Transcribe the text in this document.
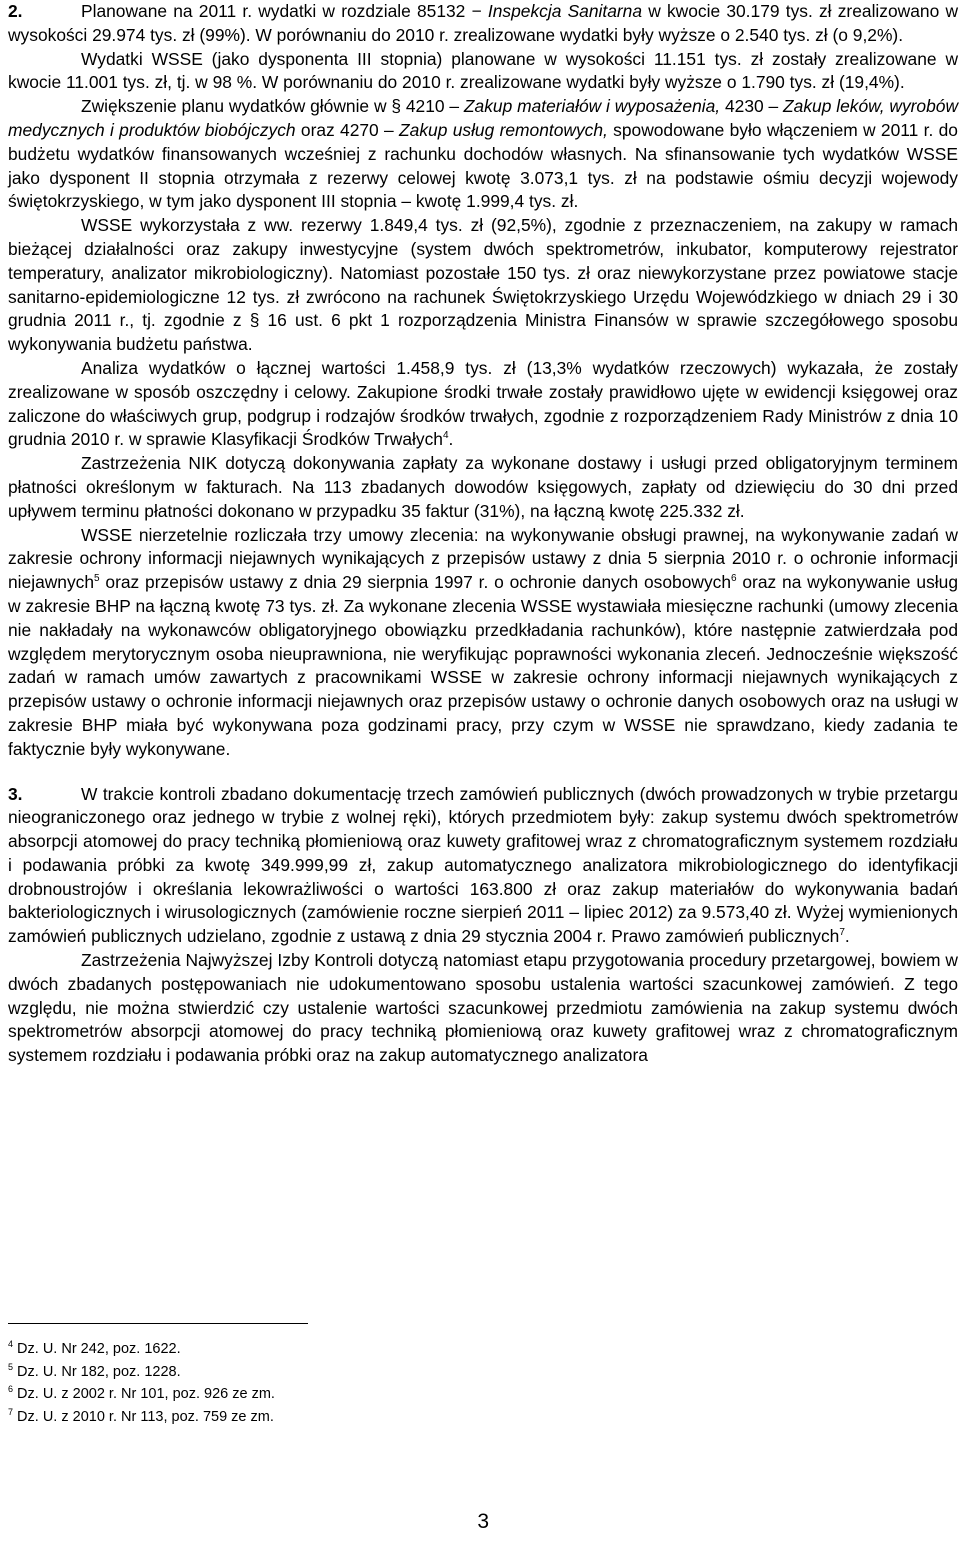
2.	Planowane na 2011 r. wydatki w rozdziale 85132 − Inspekcja Sanitarna w kwocie 30.179 tys. zł zrealizowano w wysokości 29.974 tys. zł (99%). W porównaniu do 2010 r. zrealizowane wydatki były wyższe o 2.540 tys. zł (o 9,2%).

Wydatki WSSE (jako dysponenta III stopnia) planowane w wysokości 11.151 tys. zł zostały zrealizowane w kwocie 11.001 tys. zł, tj. w 98 %. W porównaniu do 2010 r. zrealizowane wydatki były wyższe o 1.790 tys. zł (19,4%).

Zwiększenie planu wydatków głównie w § 4210 – Zakup materiałów i wyposażenia, 4230 – Zakup leków, wyrobów medycznych i produktów biobójczych oraz 4270 – Zakup usług remontowych, spowodowane było włączeniem w 2011 r. do budżetu wydatków finansowanych wcześniej z rachunku dochodów własnych. Na sfinansowanie tych wydatków WSSE jako dysponent II stopnia otrzymała z rezerwy celowej kwotę 3.073,1 tys. zł na podstawie ośmiu decyzji wojewody świętokrzyskiego, w tym jako dysponent III stopnia – kwotę 1.999,4 tys. zł.

WSSE wykorzystała z ww. rezerwy 1.849,4 tys. zł (92,5%), zgodnie z przeznaczeniem, na zakupy w ramach bieżącej działalności oraz zakupy inwestycyjne (system dwóch spektrometrów, inkubator, komputerowy rejestrator temperatury, analizator mikrobiologiczny). Natomiast pozostałe 150 tys. zł oraz niewykorzystane przez powiatowe stacje sanitarno-epidemiologiczne 12 tys. zł zwrócono na rachunek Świętokrzyskiego Urzędu Wojewódzkiego w dniach 29 i 30 grudnia 2011 r., tj. zgodnie z § 16 ust. 6 pkt 1 rozporządzenia Ministra Finansów w sprawie szczegółowego sposobu wykonywania budżetu państwa.

Analiza wydatków o łącznej wartości 1.458,9 tys. zł (13,3% wydatków rzeczowych) wykazała, że zostały zrealizowane w sposób oszczędny i celowy. Zakupione środki trwałe zostały prawidłowo ujęte w ewidencji księgowej oraz zaliczone do właściwych grup, podgrup i rodzajów środków trwałych, zgodnie z rozporządzeniem Rady Ministrów z dnia 10 grudnia 2010 r. w sprawie Klasyfikacji Środków Trwałych$^4$.

Zastrzeżenia NIK dotyczą dokonywania zapłaty za wykonane dostawy i usługi przed obligatoryjnym terminem płatności określonym w fakturach. Na 113 zbadanych dowodów księgowych, zapłaty od dziewięciu do 30 dni przed upływem terminu płatności dokonano w przypadku 35 faktur (31%), na łączną kwotę 225.332 zł.

WSSE nierzetelnie rozliczała trzy umowy zlecenia: na wykonywanie obsługi prawnej, na wykonywanie zadań w zakresie ochrony informacji niejawnych wynikających z przepisów ustawy z dnia 5 sierpnia 2010 r. o ochronie informacji niejawnych$^5$ oraz przepisów ustawy z dnia 29 sierpnia 1997 r. o ochronie danych osobowych$^6$ oraz na wykonywanie usług w zakresie BHP na łączną kwotę 73 tys. zł. Za wykonane zlecenia WSSE wystawiała miesięczne rachunki (umowy zlecenia nie nakładały na wykonawców obligatoryjnego obowiązku przedkładania rachunków), które następnie zatwierdzała pod względem merytorycznym osoba nieuprawniona, nie weryfikując poprawności wykonania zleceń. Jednocześnie większość zadań w ramach umów zawartych z pracownikami WSSE w zakresie ochrony informacji niejawnych wynikających z przepisów ustawy o ochronie informacji niejawnych oraz przepisów ustawy o ochronie danych osobowych oraz na usługi w zakresie BHP miała być wykonywana poza godzinami pracy, przy czym w WSSE nie sprawdzano, kiedy zadania te faktycznie były wykonywane.

3.	W trakcie kontroli zbadano dokumentację trzech zamówień publicznych (dwóch prowadzonych w trybie przetargu nieograniczonego oraz jednego w trybie z wolnej ręki), których przedmiotem były: zakup systemu dwóch spektrometrów absorpcji atomowej do pracy techniką płomieniową oraz kuwety grafitowej wraz z chromatograficznym systemem rozdziału i podawania próbki za kwotę 349.999,99 zł, zakup automatycznego analizatora mikrobiologicznego do identyfikacji drobnoustrojów i określania lekowrażliwości o wartości 163.800 zł oraz zakup materiałów do wykonywania badań bakteriologicznych i wirusologicznych (zamówienie roczne sierpień 2011 – lipiec 2012) za 9.573,40 zł. Wyżej wymienionych zamówień publicznych udzielano, zgodnie z ustawą z dnia 29 stycznia 2004 r. Prawo zamówień publicznych$^7$.

Zastrzeżenia Najwyższej Izby Kontroli dotyczą natomiast etapu przygotowania procedury przetargowej, bowiem w dwóch zbadanych postępowaniach nie udokumentowano sposobu ustalenia wartości szacunkowej zamówień. Z tego względu, nie można stwierdzić czy ustalenie wartości szacunkowej przedmiotu zamówienia na zakup systemu dwóch spektrometrów absorpcji atomowej do pracy techniką płomieniową oraz kuwety grafitowej wraz z chromatograficznym systemem rozdziału i podawania próbki oraz na zakup automatycznego analizatora

$^4$ Dz. U. Nr 242, poz. 1622.
$^5$ Dz. U. Nr 182, poz. 1228.
$^6$ Dz. U. z 2002 r. Nr 101, poz. 926 ze zm.
$^7$ Dz. U. z 2010 r. Nr 113, poz. 759 ze zm.
3
